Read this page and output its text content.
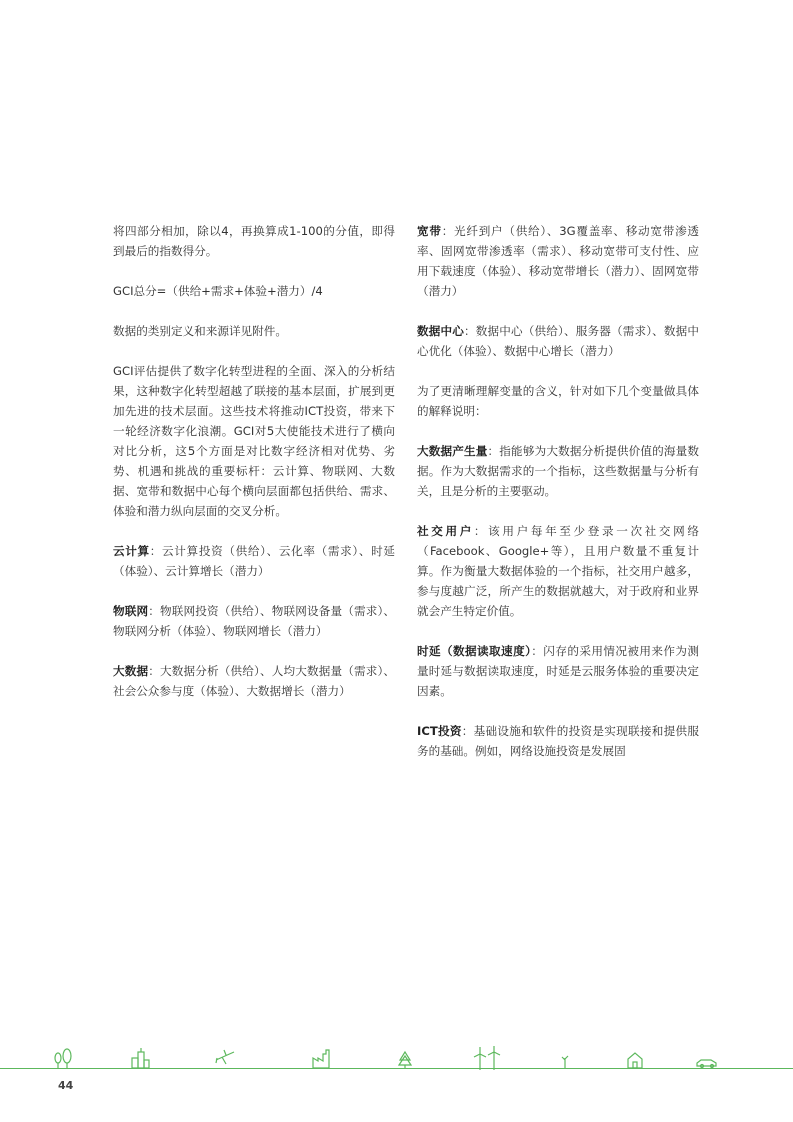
将四部分相加，除以4，再换算成1-100的分值，即得到最后的指数得分。

GCI总分=（供给+需求+体验+潜力）/4

数据的类别定义和来源详见附件。

GCI评估提供了数字化转型进程的全面、深入的分析结果，这种数字化转型超越了联接的基本层面，扩展到更加先进的技术层面。这些技术将推动ICT投资，带来下一轮经济数字化浪潮。GCI对5大使能技术进行了横向对比分析，这5个方面是对比数字经济相对优势、劣势、机遇和挑战的重要标杆：云计算、物联网、大数据、宽带和数据中心每个横向层面都包括供给、需求、体验和潜力纵向层面的交叉分析。

云计算：云计算投资（供给）、云化率（需求）、时延（体验）、云计算增长（潜力）

物联网：物联网投资（供给）、物联网设备量（需求）、物联网分析（体验）、物联网增长（潜力）

大数据：大数据分析（供给）、人均大数据量（需求）、社会公众参与度（体验）、大数据增长（潜力）

宽带：光纤到户（供给）、3G覆盖率、移动宽带渗透率、固网宽带渗透率（需求）、移动宽带可支付性、应用下载速度（体验）、移动宽带增长（潜力）、固网宽带（潜力）

数据中心：数据中心（供给）、服务器（需求）、数据中心优化（体验）、数据中心增长（潜力）

为了更清晰理解变量的含义，针对如下几个变量做具体的解释说明：

大数据产生量：指能够为大数据分析提供价值的海量数据。作为大数据需求的一个指标，这些数据量与分析有关，且是分析的主要驱动。

社交用户：该用户每年至少登录一次社交网络（Facebook、Google+等），且用户数量不重复计算。作为衡量大数据体验的一个指标，社交用户越多，参与度越广泛，所产生的数据就越大，对于政府和业界就会产生特定价值。

时延（数据读取速度）：闪存的采用情况被用来作为测量时延与数据读取速度，时延是云服务体验的重要决定因素。

ICT投资：基础设施和软件的投资是实现联接和提供服务的基础。例如，网络设施投资是发展固

44
